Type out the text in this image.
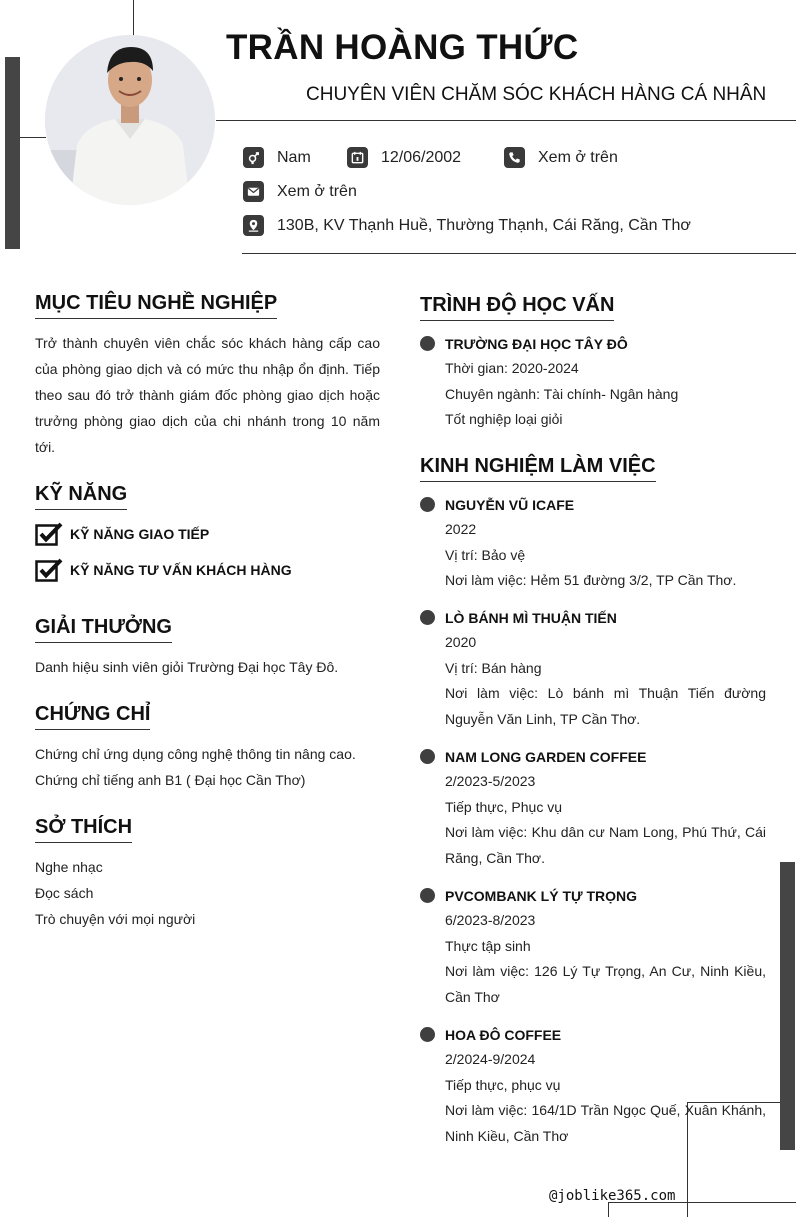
TRẦN HOÀNG THỨC
CHUYÊN VIÊN CHĂM SÓC KHÁCH HÀNG CÁ NHÂN
Nam	12/06/2002	Xem ở trên
Xem ở trên
130B, KV Thạnh Huề, Thường Thạnh, Cái Răng, Cần Thơ
MỤC TIÊU NGHỀ NGHIỆP
Trở thành chuyên viên chắc sóc khách hàng cấp cao của phòng giao dịch và có mức thu nhập ổn định. Tiếp theo sau đó trở thành giám đốc phòng giao dịch hoặc trưởng phòng giao dịch của chi nhánh trong 10 năm tới.
KỸ NĂNG
KỸ NĂNG GIAO TIẾP
KỸ NĂNG TƯ VẤN KHÁCH HÀNG
GIẢI THƯỞNG
Danh hiệu sinh viên giỏi Trường Đại học Tây Đô.
CHỨNG CHỈ
Chứng chỉ ứng dụng công nghệ thông tin nâng cao.
Chứng chỉ tiếng anh B1 ( Đại học Cần Thơ)
SỞ THÍCH
Nghe nhạc
Đọc sách
Trò chuyện với mọi người
TRÌNH ĐỘ HỌC VẤN
TRƯỜNG ĐẠI HỌC TÂY ĐÔ
Thời gian: 2020-2024
Chuyên ngành: Tài chính- Ngân hàng
Tốt nghiệp loại giỏi
KINH NGHIỆM LÀM VIỆC
NGUYỄN VŨ ICAFE
2022
Vị trí: Bảo vệ
Nơi làm việc: Hẻm 51 đường 3/2, TP Cần Thơ.
LÒ BÁNH MÌ THUẬN TIẾN
2020
Vị trí: Bán hàng
Nơi làm việc: Lò bánh mì Thuận Tiến đường Nguyễn Văn Linh, TP Cần Thơ.
NAM LONG GARDEN COFFEE
2/2023-5/2023
Tiếp thực, Phục vụ
Nơi làm việc: Khu dân cư Nam Long, Phú Thứ, Cái Răng, Cần Thơ.
PVCOMBANK LÝ TỰ TRỌNG
6/2023-8/2023
Thực tập sinh
Nơi làm việc: 126 Lý Tự Trọng, An Cư, Ninh Kiều, Cần Thơ
HOA ĐÔ COFFEE
2/2024-9/2024
Tiếp thực, phục vụ
Nơi làm việc: 164/1D Trần Ngọc Quế, Xuân Khánh, Ninh Kiều, Cần Thơ
@joblike365.com
